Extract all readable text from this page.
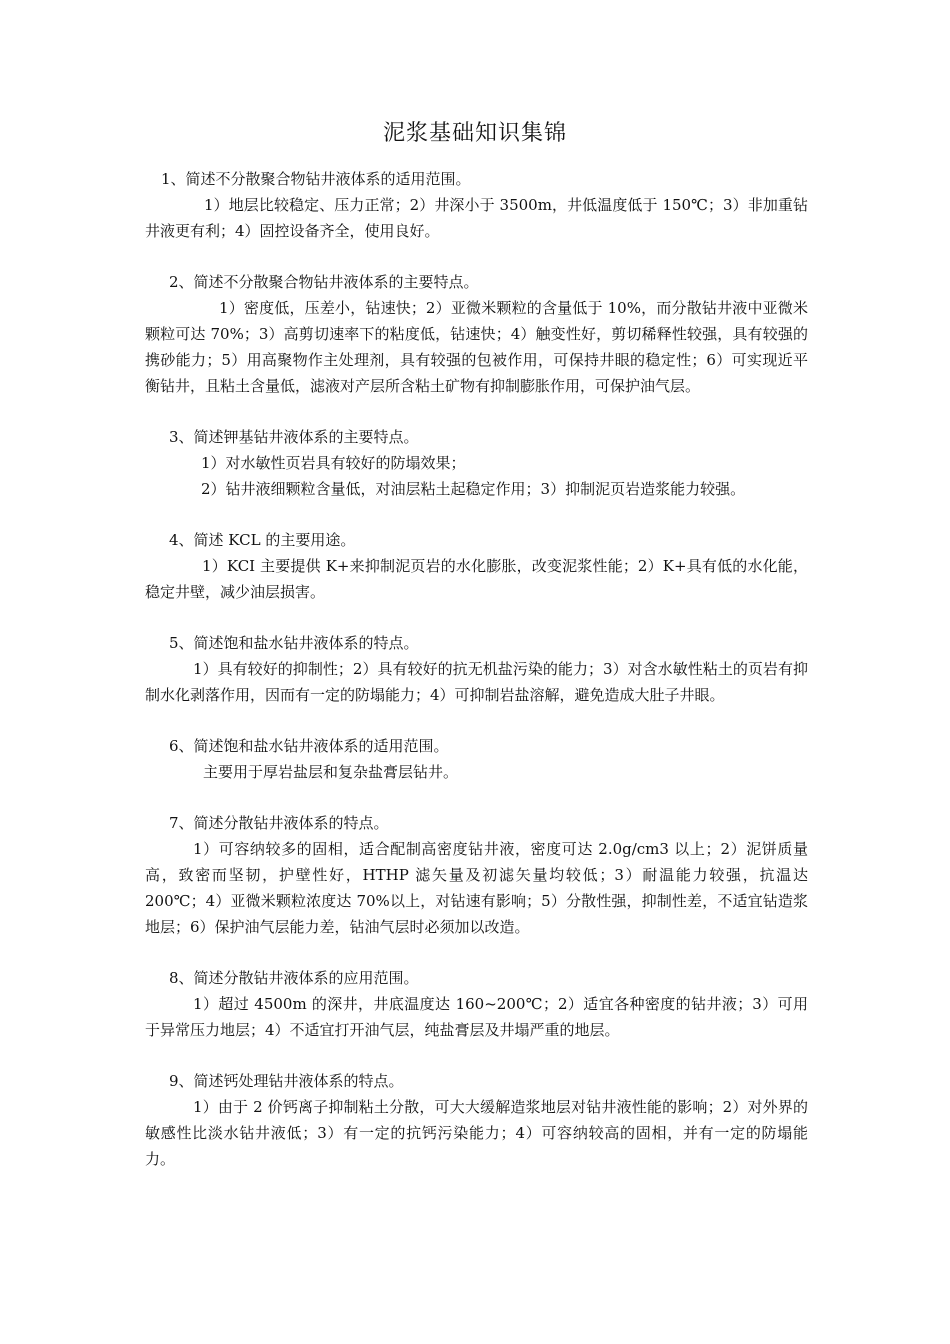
泥浆基础知识集锦

1、简述不分散聚合物钻井液体系的适用范围。

1）地层比较稳定、压力正常；2）井深小于 3500m，井低温度低于 150℃；3）非加重钻井液更有利；4）固控设备齐全，使用良好。

2、简述不分散聚合物钻井液体系的主要特点。

1）密度低，压差小，钻速快；2）亚微米颗粒的含量低于 10%，而分散钻井液中亚微米颗粒可达 70%；3）高剪切速率下的粘度低，钻速快；4）触变性好，剪切稀释性较强，具有较强的携砂能力；5）用高聚物作主处理剂，具有较强的包被作用，可保持井眼的稳定性；6）可实现近平衡钻井，且粘土含量低，滤液对产层所含粘土矿物有抑制膨胀作用，可保护油气层。

3、简述钾基钻井液体系的主要特点。

1）对水敏性页岩具有较好的防塌效果；

2）钻井液细颗粒含量低，对油层粘土起稳定作用；3）抑制泥页岩造浆能力较强。

4、简述 KCL 的主要用途。

1）KCI 主要提供 K+来抑制泥页岩的水化膨胀，改变泥浆性能；2）K+具有低的水化能，稳定井壁，减少油层损害。

5、简述饱和盐水钻井液体系的特点。

1）具有较好的抑制性；2）具有较好的抗无机盐污染的能力；3）对含水敏性粘土的页岩有抑制水化剥落作用，因而有一定的防塌能力；4）可抑制岩盐溶解，避免造成大肚子井眼。

6、简述饱和盐水钻井液体系的适用范围。

主要用于厚岩盐层和复杂盐膏层钻井。

7、简述分散钻井液体系的特点。

1）可容纳较多的固相，适合配制高密度钻井液，密度可达 2.0g/cm3 以上；2）泥饼质量高，致密而坚韧，护壁性好，HTHP 滤矢量及初滤矢量均较低；3）耐温能力较强，抗温达 200℃；4）亚微米颗粒浓度达 70%以上，对钻速有影响；5）分散性强，抑制性差，不适宜钻造浆地层；6）保护油气层能力差，钻油气层时必须加以改造。

8、简述分散钻井液体系的应用范围。

1）超过 4500m 的深井，井底温度达 160~200℃；2）适宜各种密度的钻井液；3）可用于异常压力地层；4）不适宜打开油气层，纯盐膏层及井塌严重的地层。

9、简述钙处理钻井液体系的特点。

1）由于 2 价钙离子抑制粘土分散，可大大缓解造浆地层对钻井液性能的影响；2）对外界的敏感性比淡水钻井液低；3）有一定的抗钙污染能力；4）可容纳较高的固相，并有一定的防塌能力。
